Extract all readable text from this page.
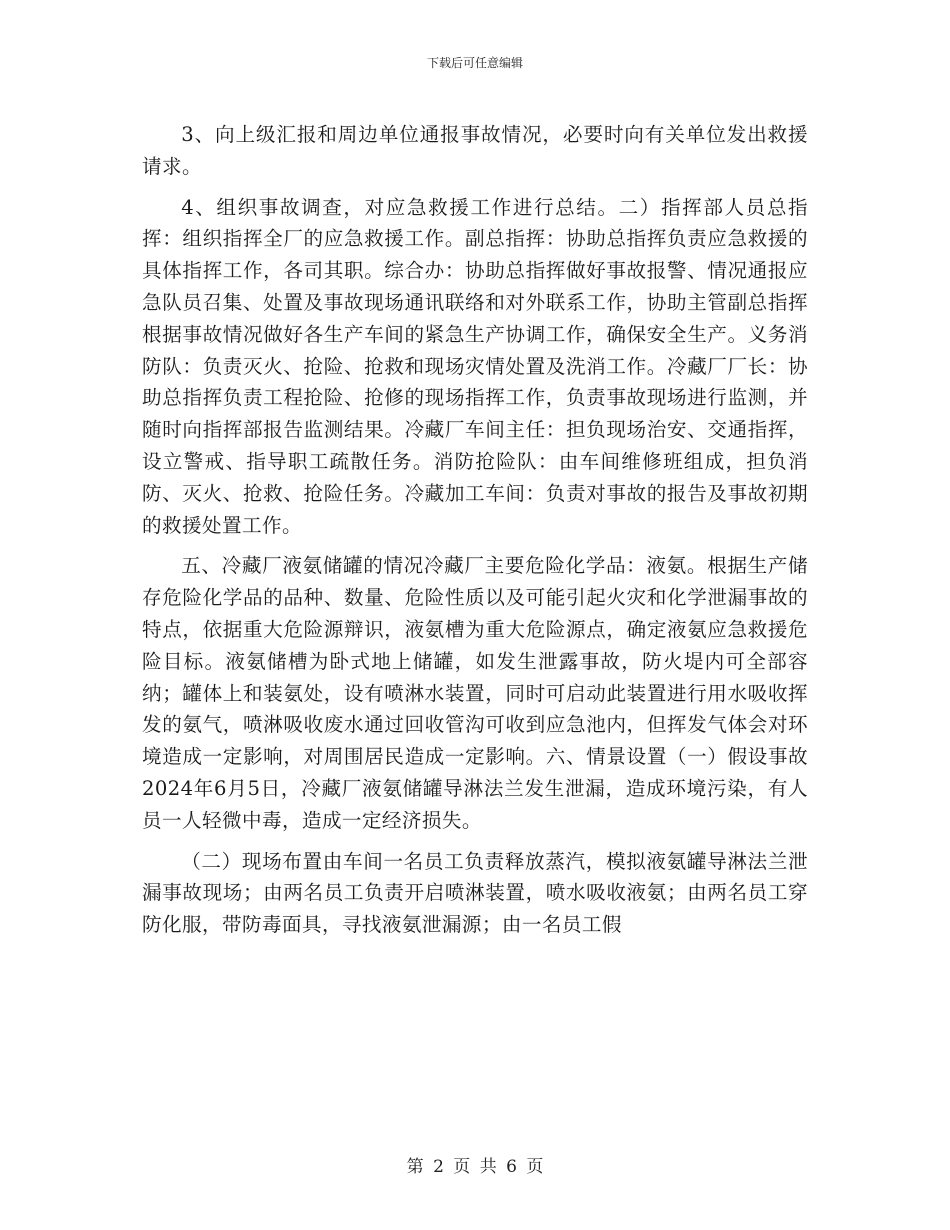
下载后可任意编辑

3、向上级汇报和周边单位通报事故情况，必要时向有关单位发出救援请求。

4、组织事故调查，对应急救援工作进行总结。二）指挥部人员总指挥：组织指挥全厂的应急救援工作。副总指挥：协助总指挥负责应急救援的具体指挥工作，各司其职。综合办：协助总指挥做好事故报警、情况通报应急队员召集、处置及事故现场通讯联络和对外联系工作，协助主管副总指挥根据事故情况做好各生产车间的紧急生产协调工作，确保安全生产。义务消防队：负责灭火、抢险、抢救和现场灾情处置及洗消工作。冷藏厂厂长：协助总指挥负责工程抢险、抢修的现场指挥工作，负责事故现场进行监测，并随时向指挥部报告监测结果。冷藏厂车间主任：担负现场治安、交通指挥，设立警戒、指导职工疏散任务。消防抢险队：由车间维修班组成，担负消防、灭火、抢救、抢险任务。冷藏加工车间：负责对事故的报告及事故初期的救援处置工作。

五、冷藏厂液氨储罐的情况冷藏厂主要危险化学品：液氨。根据生产储存危险化学品的品种、数量、危险性质以及可能引起火灾和化学泄漏事故的特点，依据重大危险源辩识，液氨槽为重大危险源点，确定液氨应急救援危险目标。液氨储槽为卧式地上储罐，如发生泄露事故，防火堤内可全部容纳；罐体上和装氨处，设有喷淋水装置，同时可启动此装置进行用水吸收挥发的氨气，喷淋吸收废水通过回收管沟可收到应急池内，但挥发气体会对环境造成一定影响，对周围居民造成一定影响。六、情景设置（一）假设事故2024年6月5日，冷藏厂液氨储罐导淋法兰发生泄漏，造成环境污染，有人员一人轻微中毒，造成一定经济损失。

（二）现场布置由车间一名员工负责释放蒸汽，模拟液氨罐导淋法兰泄漏事故现场；由两名员工负责开启喷淋装置，喷水吸收液氨；由两名员工穿防化服，带防毒面具，寻找液氨泄漏源；由一名员工假

第 2 页 共 6 页
